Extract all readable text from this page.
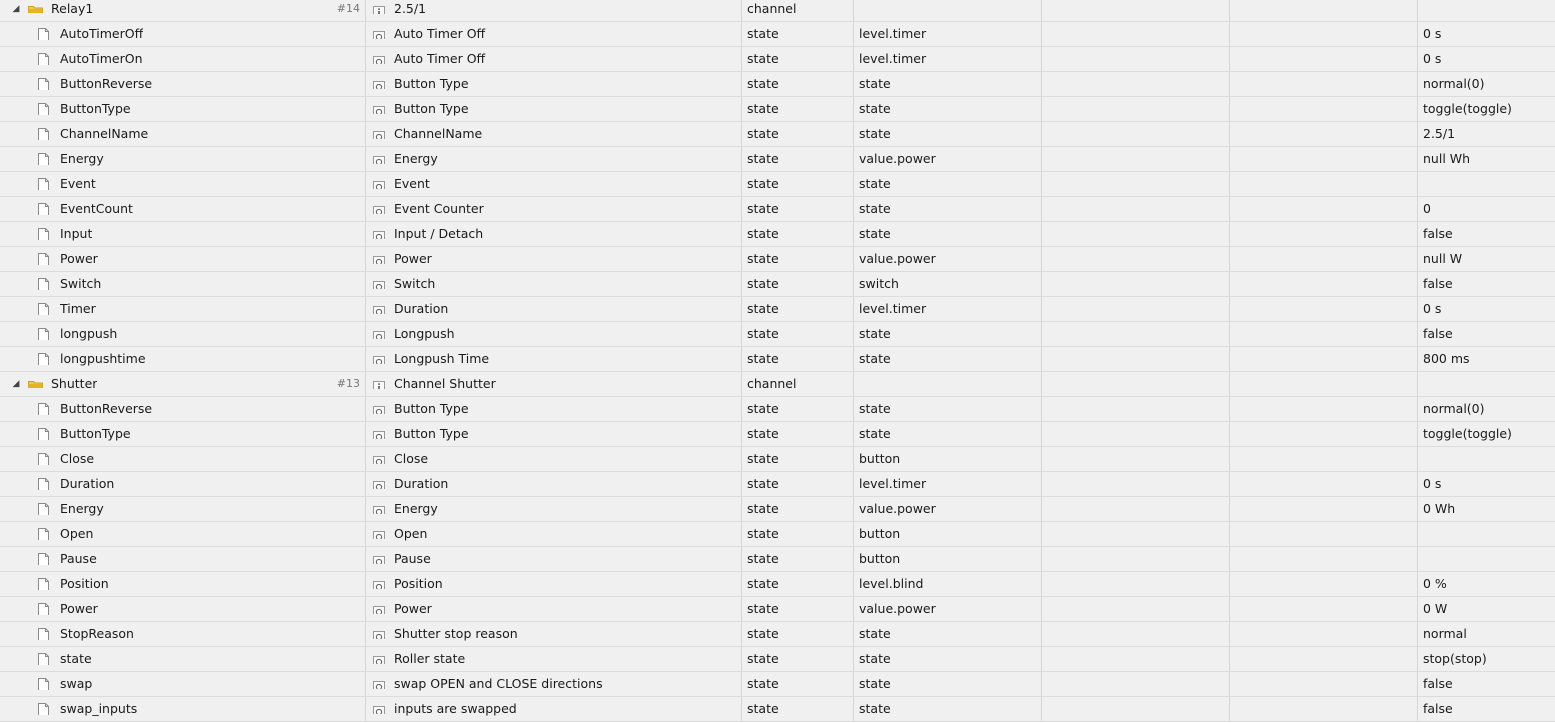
◢	Relay1	#14	2.5/1	channel
AutoTimerOff	Auto Timer Off	state	level.timer	0 s
AutoTimerOn	Auto Timer Off	state	level.timer	0 s
ButtonReverse	Button Type	state	state	normal(0)
ButtonType	Button Type	state	state	toggle(toggle)
ChannelName	ChannelName	state	state	2.5/1
Energy	Energy	state	value.power	null Wh
Event	Event	state	state
EventCount	Event Counter	state	state	0
Input	Input / Detach	state	state	false
Power	Power	state	value.power	null W
Switch	Switch	state	switch	false
Timer	Duration	state	level.timer	0 s
longpush	Longpush	state	state	false
longpushtime	Longpush Time	state	state	800 ms
◢	Shutter	#13	Channel Shutter	channel
ButtonReverse	Button Type	state	state	normal(0)
ButtonType	Button Type	state	state	toggle(toggle)
Close	Close	state	button
Duration	Duration	state	level.timer	0 s
Energy	Energy	state	value.power	0 Wh
Open	Open	state	button
Pause	Pause	state	button
Position	Position	state	level.blind	0 %
Power	Power	state	value.power	0 W
StopReason	Shutter stop reason	state	state	normal
state	Roller state	state	state	stop(stop)
swap	swap OPEN and CLOSE directions	state	state	false
swap_inputs	inputs are swapped	state	state	false
